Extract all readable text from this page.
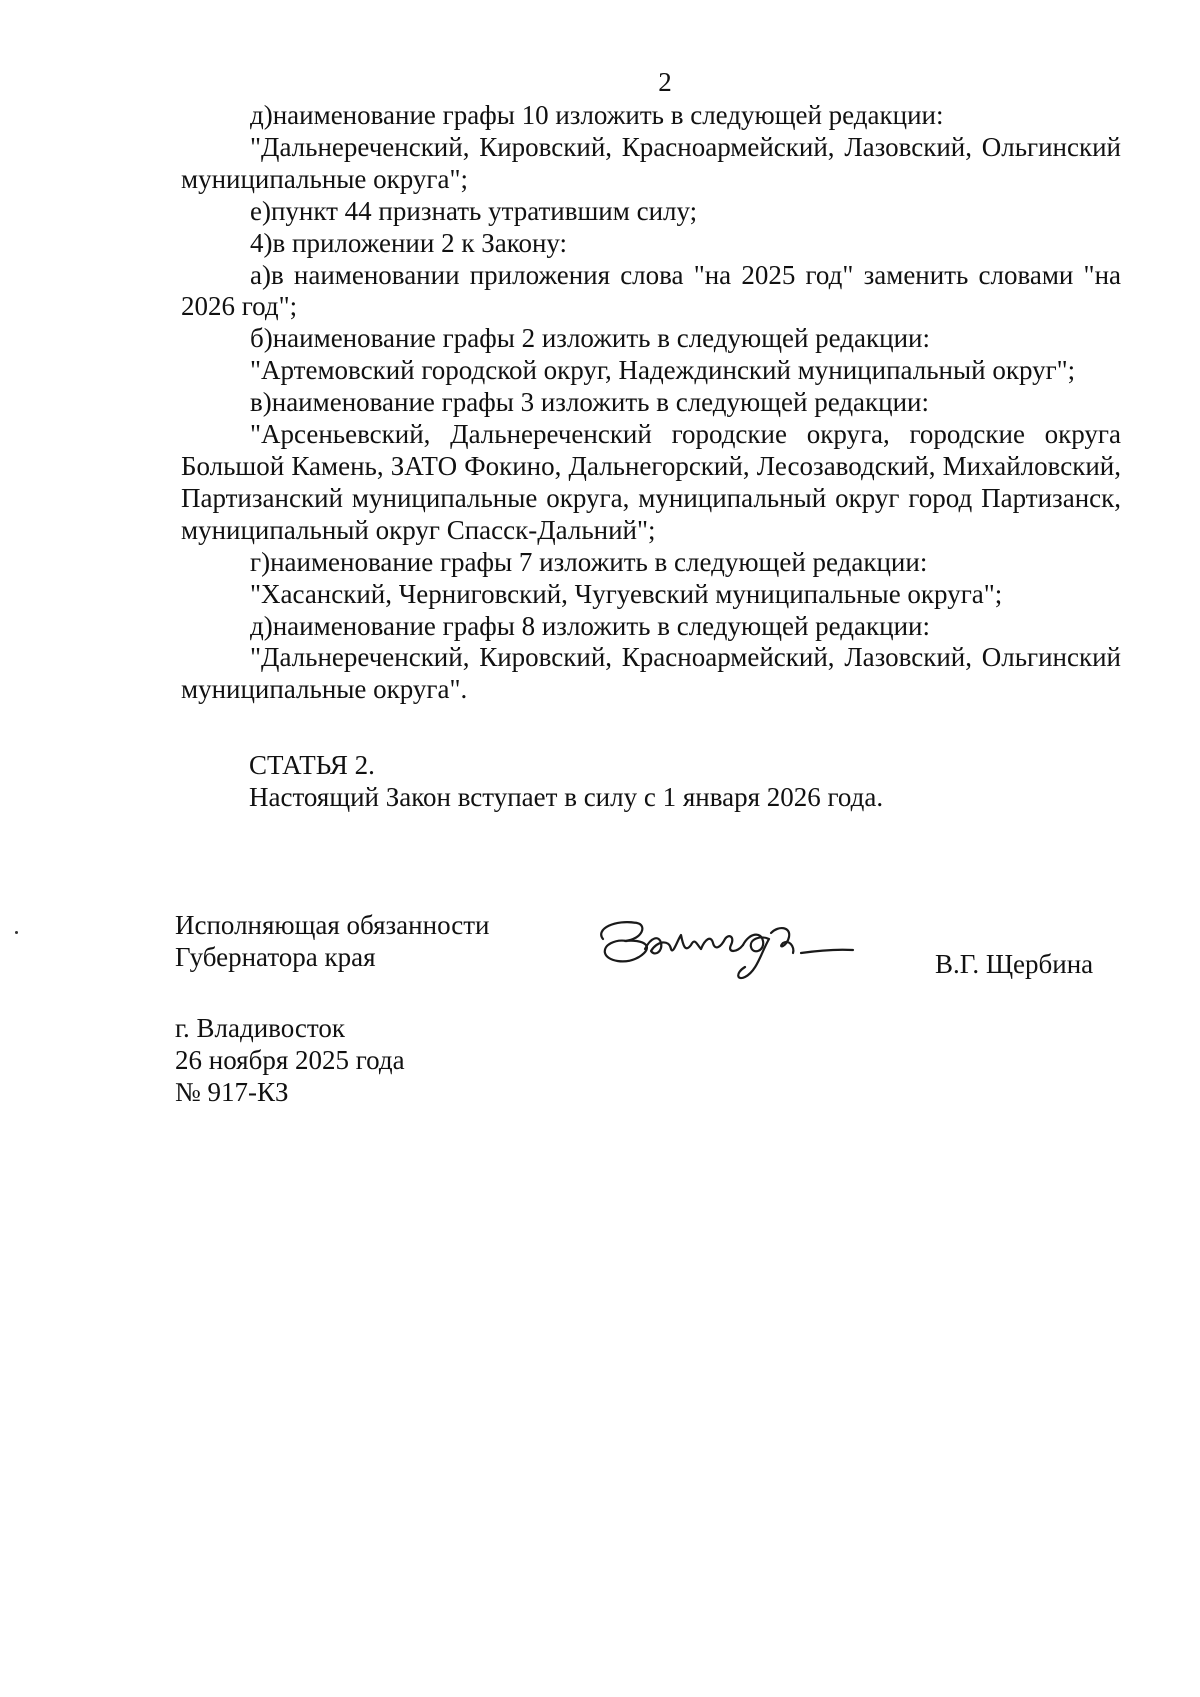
2

д)наименование графы 10 изложить в следующей редакции:

"Дальнереченский, Кировский, Красноармейский, Лазовский, Ольгинский муниципальные округа";

е)пункт 44 признать утратившим силу;

4)в приложении 2 к Закону:

а)в наименовании приложения слова "на 2025 год" заменить словами "на 2026 год";

б)наименование графы 2 изложить в следующей редакции:

"Артемовский городской округ, Надеждинский муниципальный округ";

в)наименование графы 3 изложить в следующей редакции:

"Арсеньевский, Дальнереченский городские округа, городские округа Большой Камень, ЗАТО Фокино, Дальнегорский, Лесозаводский, Михайловский, Партизанский муниципальные округа, муниципальный округ город Партизанск, муниципальный округ Спасск-Дальний";

г)наименование графы 7 изложить в следующей редакции:

"Хасанский, Черниговский, Чугуевский муниципальные округа";

д)наименование графы 8 изложить в следующей редакции:

"Дальнереченский, Кировский, Красноармейский, Лазовский, Ольгинский муниципальные округа".

СТАТЬЯ 2.
Настоящий Закон вступает в силу с 1 января 2026 года.
Исполняющая обязанности
Губернатора края	В.Г. Щербина
г. Владивосток
26 ноября 2025 года
№ 917-КЗ
